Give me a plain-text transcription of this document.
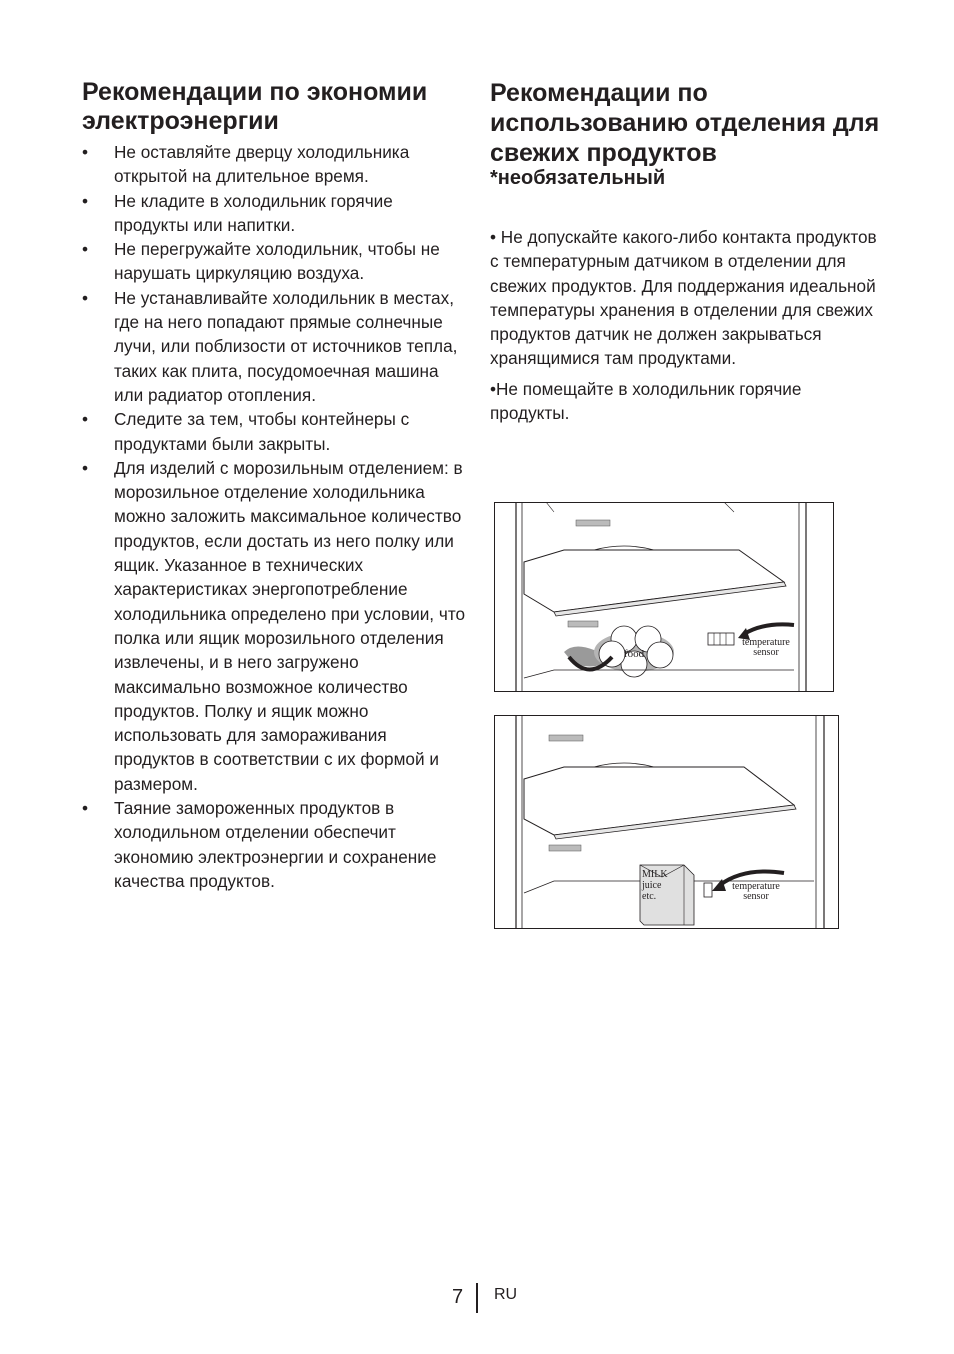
Рекомендации по экономии электроэнергии
• Не оставляйте дверцу холодильника открытой на длительное время.
• Не кладите в холодильник горячие продукты или напитки.
• Не перегружайте холодильник, чтобы не нарушать циркуляцию воздуха.
• Не устанавливайте холодильник в местах, где на него попадают прямые солнечные лучи, или поблизости от источников тепла, таких как плита, посудомоечная машина или радиатор отопления.
• Следите за тем, чтобы контейнеры с продуктами были закрыты.
• Для изделий с морозильным отделением: в морозильное отделение холодильника можно заложить максимальное количество продуктов, если достать из него полку или ящик. Указанное в технических характеристиках энергопотребление холодильника определено при условии, что полка или ящик морозильного отделения извлечены, и в него загружено максимально возможное количество продуктов. Полку и ящик можно использовать для замораживания продуктов в соответствии с их формой и размером.
• Таяние замороженных продуктов в холодильном отделении обеспечит экономию электроэнергии и сохранение качества продуктов.
Рекомендации по использованию отделения для свежих продуктов
*необязательный

• Не допускайте какого-либо контакта продуктов с температурным датчиком в отделении для свежих продуктов. Для поддержания идеальной температуры хранения в отделении для свежих продуктов датчик не должен закрываться хранящимися там продуктами.

•Не помещайте в холодильник горячие продукты.

food
temperature
sensor
MILK
juice
etc.
temperature
sensor
7 RU
